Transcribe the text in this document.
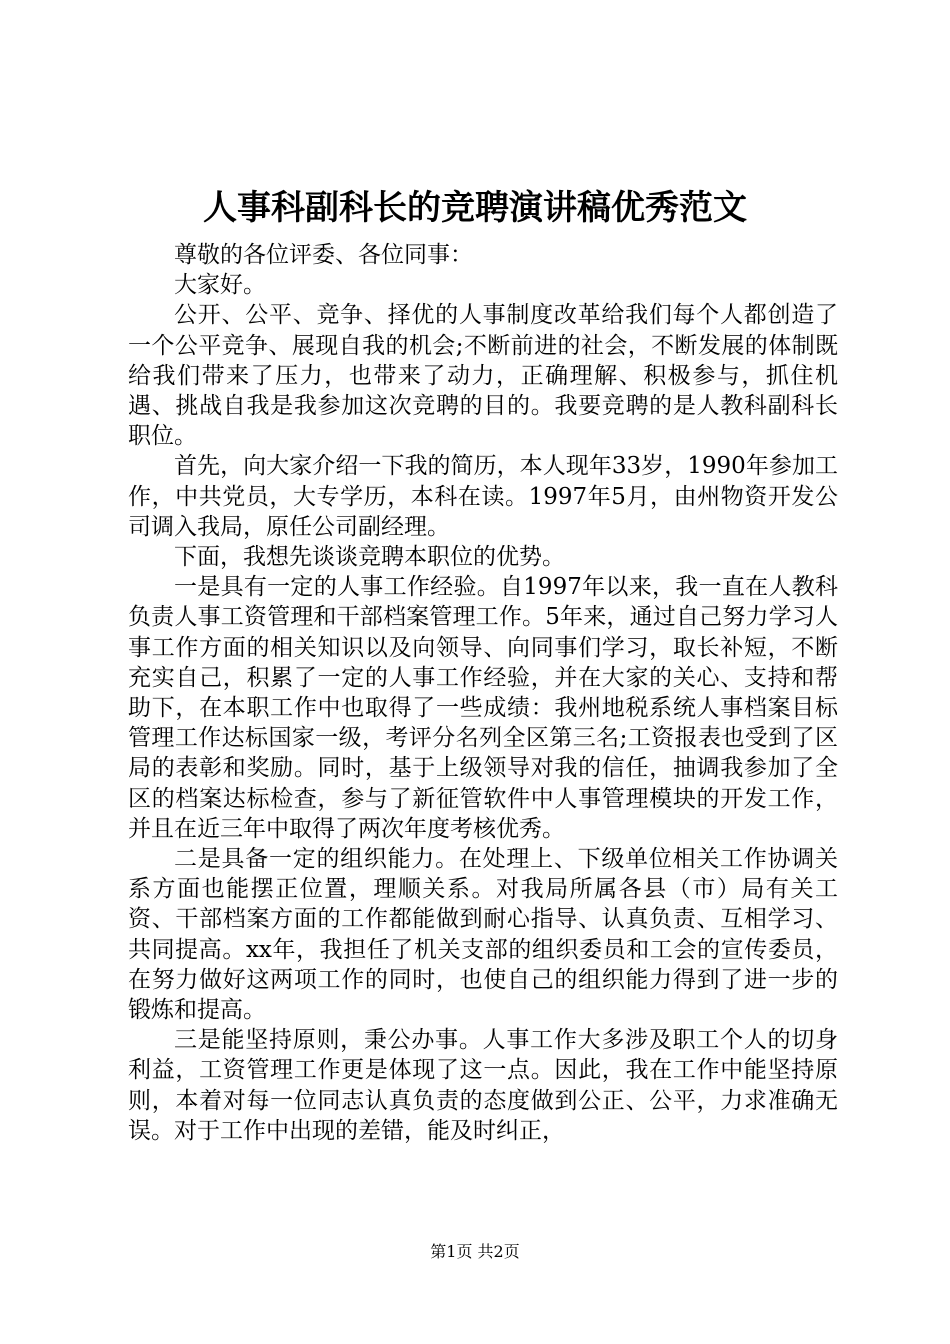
人事科副科长的竞聘演讲稿优秀范文

尊敬的各位评委、各位同事：

大家好。

公开、公平、竞争、择优的人事制度改革给我们每个人都创造了一个公平竞争、展现自我的机会;不断前进的社会，不断发展的体制既给我们带来了压力，也带来了动力，正确理解、积极参与，抓住机遇、挑战自我是我参加这次竞聘的目的。我要竞聘的是人教科副科长职位。

首先，向大家介绍一下我的简历，本人现年33岁，1990年参加工作，中共党员，大专学历，本科在读。1997年5月，由州物资开发公司调入我局，原任公司副经理。

下面，我想先谈谈竞聘本职位的优势。

一是具有一定的人事工作经验。自1997年以来，我一直在人教科负责人事工资管理和干部档案管理工作。5年来，通过自己努力学习人事工作方面的相关知识以及向领导、向同事们学习，取长补短，不断充实自己，积累了一定的人事工作经验，并在大家的关心、支持和帮助下，在本职工作中也取得了一些成绩：我州地税系统人事档案目标管理工作达标国家一级，考评分名列全区第三名;工资报表也受到了区局的表彰和奖励。同时，基于上级领导对我的信任，抽调我参加了全区的档案达标检查，参与了新征管软件中人事管理模块的开发工作，并且在近三年中取得了两次年度考核优秀。

二是具备一定的组织能力。在处理上、下级单位相关工作协调关系方面也能摆正位置，理顺关系。对我局所属各县（市）局有关工资、干部档案方面的工作都能做到耐心指导、认真负责、互相学习、共同提高。xx年，我担任了机关支部的组织委员和工会的宣传委员，在努力做好这两项工作的同时，也使自己的组织能力得到了进一步的锻炼和提高。

三是能坚持原则，秉公办事。人事工作大多涉及职工个人的切身利益，工资管理工作更是体现了这一点。因此，我在工作中能坚持原则，本着对每一位同志认真负责的态度做到公正、公平，力求准确无误。对于工作中出现的差错，能及时纠正，

第1页 共2页
